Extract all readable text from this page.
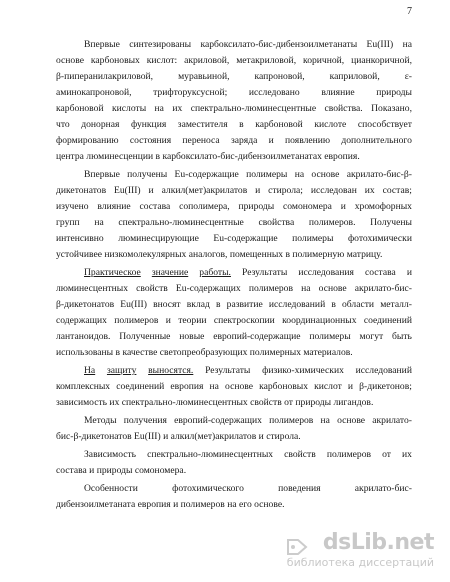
7
Впервые синтезированы карбоксилато-бис-дибензоилметанаты Eu(III) на
основе карбоновых кислот: акриловой, метакриловой, коричной, цианкоричной,
β-пиперанилакриловой,	муравьиной,	капроновой,	каприловой,	ε-
аминокапроновой, трифторуксусной; исследовано влияние природы
карбоновой кислоты на их спектрально-люминесцентные свойства. Показано,
что донорная функция заместителя в карбоновой кислоте способствует
формированию состояния переноса заряда и появлению дополнительного
центра люминесценции в карбоксилато-бис-дибензоилметанатах европия.
Впервые получены Eu-содержащие полимеры на основе акрилато-бис-β-
дикетонатов Eu(III) и алкил(мет)акрилатов и стирола; исследован их состав;
изучено влияние состава сополимера, природы сомономера и хромофорных
групп на спектрально-люминесцентные свойства полимеров. Получены
интенсивно люминесцирующие Eu-содержащие полимеры фотохимически
устойчивее низкомолекулярных аналогов, помещенных в полимерную матрицу.
Практическое значение работы. Результаты исследования состава и
люминесцентных свойств Eu-содержащих полимеров на основе акрилато-бис-
β-дикетонатов Eu(III) вносят вклад в развитие исследований в области металл-
содержащих полимеров и теории спектроскопии координационных соединений
лантаноидов. Полученные новые европий-содержащие полимеры могут быть
использованы в качестве светопреобразующих полимерных материалов.
На защиту выносятся. Результаты физико-химических исследований
комплексных соединений европия на основе карбоновых кислот и β-дикетонов;
зависимость их спектрально-люминесцентных свойств от природы лигандов.
Методы получения европий-содержащих полимеров на основе акрилато-
бис-β-дикетонатов Eu(III) и алкил(мет)акрилатов и стирола.
Зависимость спектрально-люминесцентных свойств полимеров от их
состава и природы сомономера.
Особенности	фотохимического	поведения	акрилато-бис-
дибензоилметаната европия и полимеров на его основе.
dsLib.net
библиотека диссертаций
